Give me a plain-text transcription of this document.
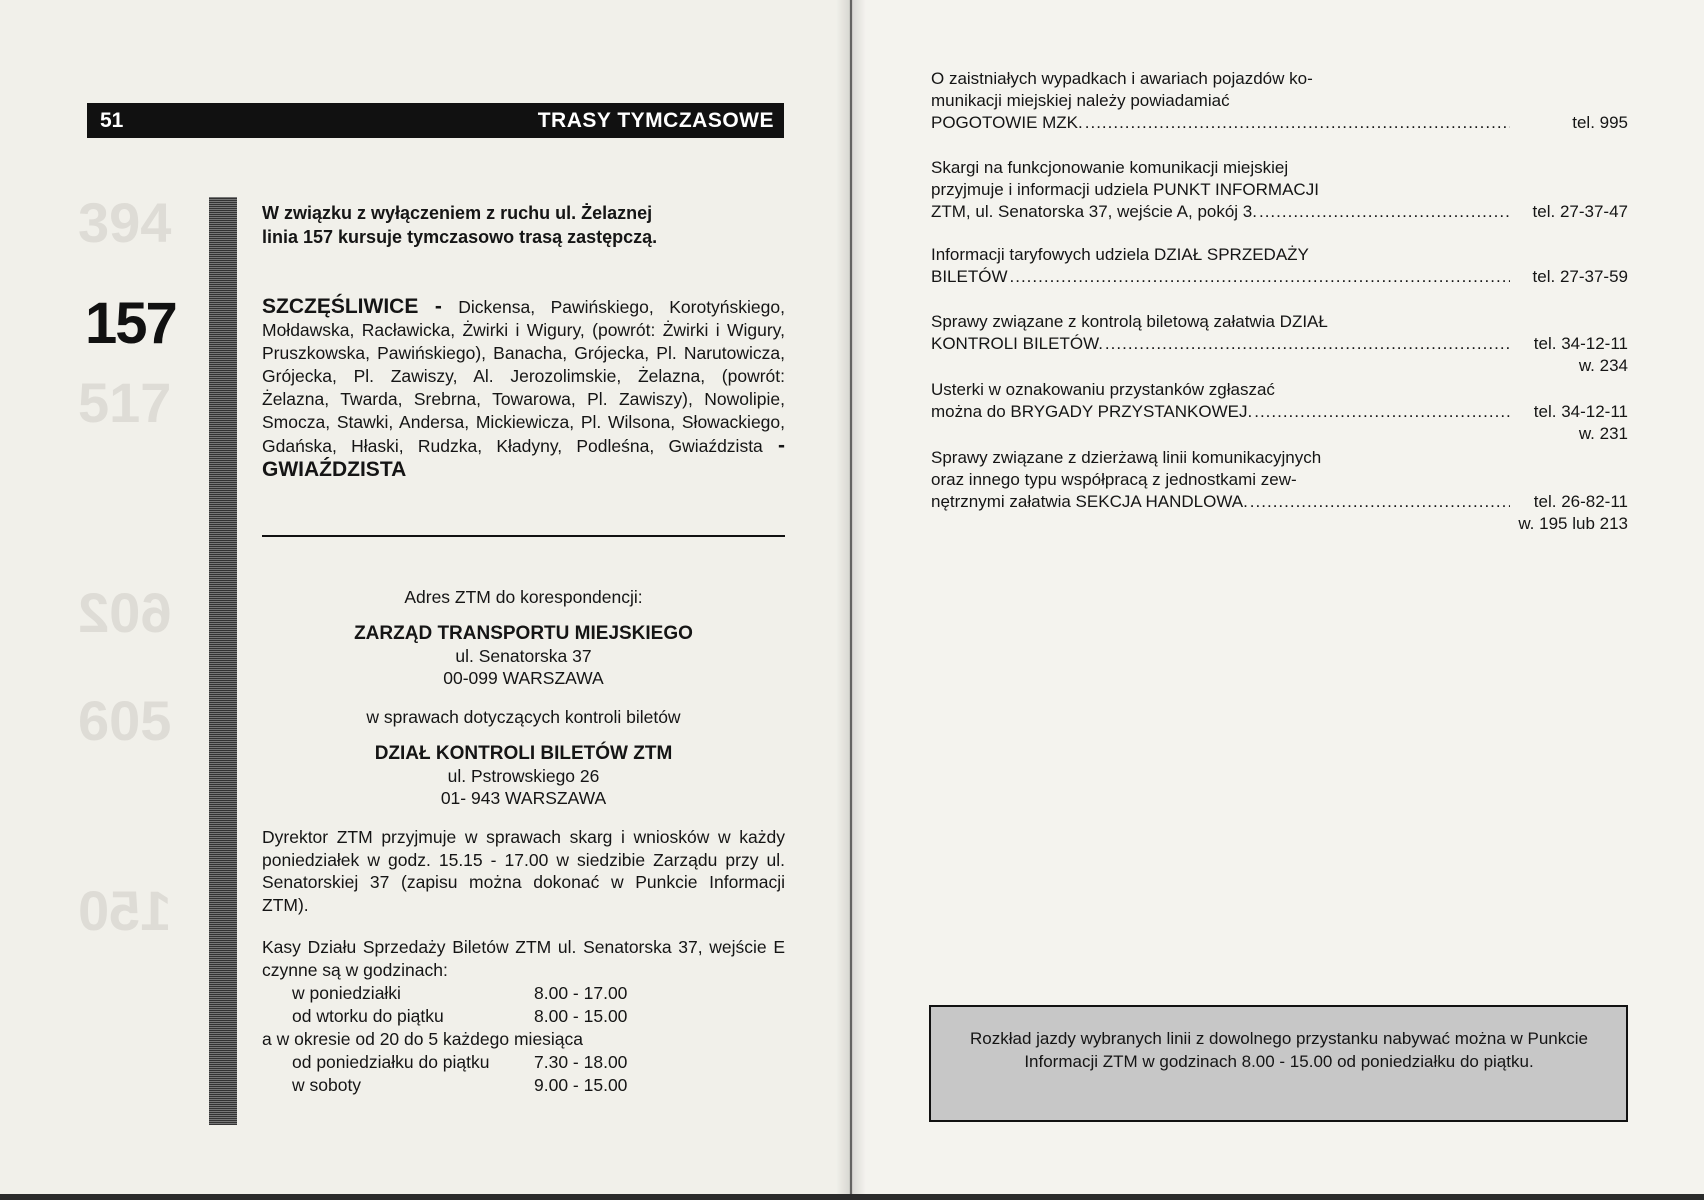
51	TRASY TYMCZASOWE
394
517
602
605
150
157
W związku z wyłączeniem z ruchu ul. Żelaznej
linia 157 kursuje tymczasowo trasą zastępczą.
SZCZĘŚLIWICE - Dickensa, Pawińskiego, Korotyńskiego, Mołdawska, Racławicka, Żwirki i Wigury, (powrót: Żwirki i Wigury, Pruszkowska, Pawińskiego), Banacha, Grójecka, Pl. Narutowicza, Grójecka, Pl. Zawiszy, Al. Jerozolimskie, Żelazna, (powrót: Żelazna, Twarda, Srebrna, Towarowa, Pl. Zawiszy), Nowolipie, Smocza, Stawki, Andersa, Mickiewicza, Pl. Wilsona, Słowackiego, Gdańska, Hłaski, Rudzka, Kładyny, Podleśna, Gwiaździsta - GWIAŹDZISTA
Adres ZTM do korespondencji:
ZARZĄD TRANSPORTU MIEJSKIEGO
ul. Senatorska 37
00-099 WARSZAWA
w sprawach dotyczących kontroli biletów
DZIAŁ KONTROLI BILETÓW ZTM
ul. Pstrowskiego 26
01- 943 WARSZAWA
Dyrektor ZTM przyjmuje w sprawach skarg i wniosków w każdy poniedziałek w godz. 15.15 - 17.00 w siedzibie Zarządu przy ul. Senatorskiej 37 (zapisu można dokonać w Punkcie Informacji ZTM).
Kasy Działu Sprzedaży Biletów ZTM ul. Senatorska 37, wejście E czynne są w godzinach:
w poniedziałki	8.00 - 17.00
od wtorku do piątku	8.00 - 15.00
a w okresie od 20 do 5 każdego miesiąca
od poniedziałku do piątku	7.30 - 18.00
w soboty	9.00 - 15.00
O zaistniałych wypadkach i awariach pojazdów ko-
munikacji miejskiej należy powiadamiać
POGOTOWIE MZK. .....	tel. 995
Skargi na funkcjonowanie komunikacji miejskiej
przyjmuje i informacji udziela PUNKT INFORMACJI
ZTM, ul. Senatorska 37, wejście A, pokój 3. .....	tel. 27-37-47
Informacji taryfowych udziela DZIAŁ SPRZEDAŻY
BILETÓW .....	tel. 27-37-59
Sprawy związane z kontrolą biletową załatwia DZIAŁ
KONTROLI BILETÓW. .....	tel. 34-12-11
w. 234
Usterki w oznakowaniu przystanków zgłaszać
można do BRYGADY PRZYSTANKOWEJ. .....	tel. 34-12-11
w. 231
Sprawy związane z dzierżawą linii komunikacyjnych
oraz innego typu współpracą z jednostkami zew-
nętrznymi załatwia SEKCJA HANDLOWA. .....	tel. 26-82-11
w. 195 lub 213
Rozkład jazdy wybranych linii z dowolnego przystanku nabywać można w Punkcie Informacji ZTM w godzinach 8.00 - 15.00 od poniedziałku do piątku.
